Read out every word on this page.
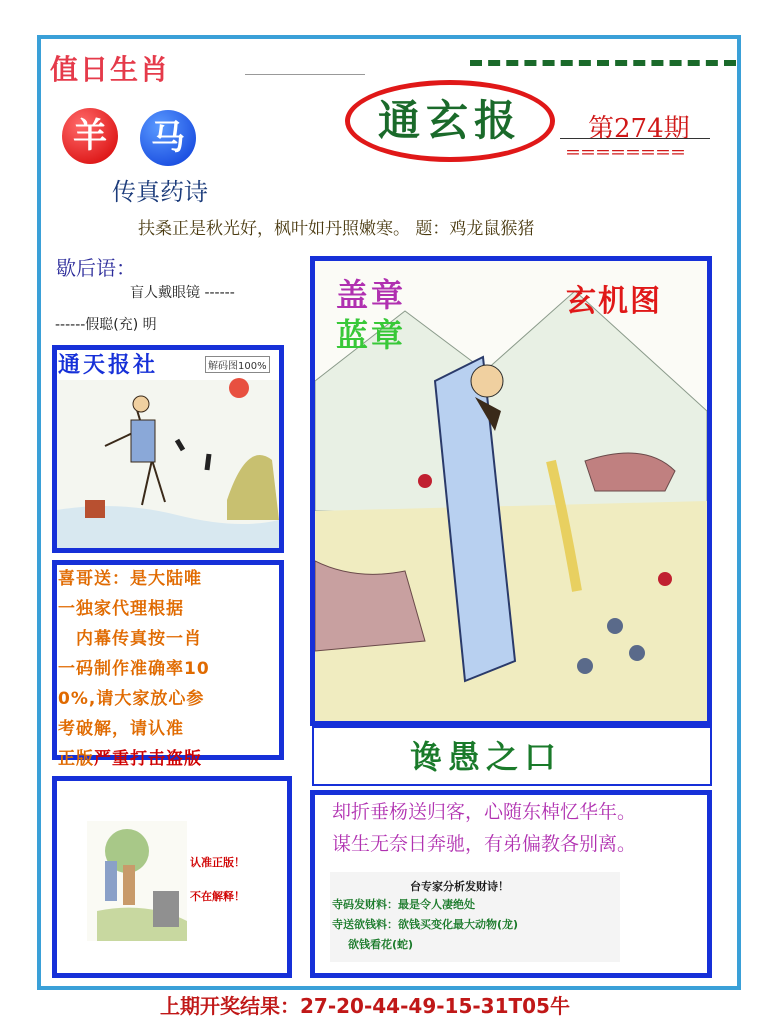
值日生肖
羊	马
传真药诗
通玄报	第274期
＝＝＝＝＝＝＝＝
扶桑正是秋光好，枫叶如丹照嫩寒。 题：鸡龙鼠猴猪
歇后语：
盲人戴眼镜 ------
------假聪(充) 明
通天报社	解码图100%
喜哥送：是大陆唯
一独家代理根据
内幕传真按一肖
一码制作准确率10
0%,请大家放心参
考破解，请认准
正版严重打击盗版
认准正版！
不在解释！
盖章
蓝章
玄机图
谗愚之口
却折垂杨送归客，心随东棹忆华年。
谋生无奈日奔驰，有弟偏教各别离。
台专家分析发财诗！
寺码发财料：最是令人凄绝处
寺送欲钱料：欲钱买变化最大动物(龙)
欲钱看花(蛇)
上期开奖结果：27-20-44-49-15-31T05牛
